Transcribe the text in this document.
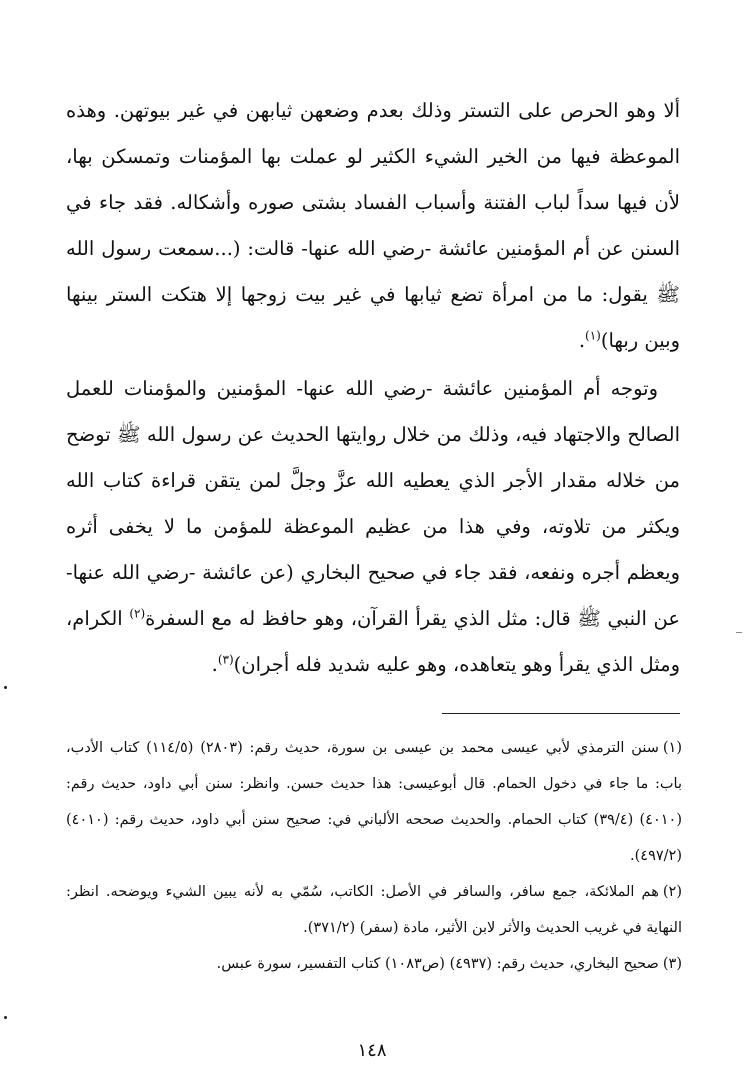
ألا وهو الحرص على التستر وذلك بعدم وضعهن ثيابهن في غير بيوتهن. وهذه الموعظة فيها من الخير الشيء الكثير لو عملت بها المؤمنات وتمسكن بها، لأن فيها سداً لباب الفتنة وأسباب الفساد بشتى صوره وأشكاله. فقد جاء في السنن عن أم المؤمنين عائشة -رضي الله عنها- قالت: (...سمعت رسول الله ﷺ يقول: ما من امرأة تضع ثيابها في غير بيت زوجها إلا هتكت الستر بينها وبين ربها)$^{(١)}$.

وتوجه أم المؤمنين عائشة -رضي الله عنها- المؤمنين والمؤمنات للعمل الصالح والاجتهاد فيه، وذلك من خلال روايتها الحديث عن رسول الله ﷺ توضح من خلاله مقدار الأجر الذي يعطيه الله عزَّ وجلَّ لمن يتقن قراءة كتاب الله ويكثر من تلاوته، وفي هذا من عظيم الموعظة للمؤمن ما لا يخفى أثره ويعظم أجره ونفعه، فقد جاء في صحيح البخاري (عن عائشة -رضي الله عنها- عن النبي ﷺ قال: مثل الذي يقرأ القرآن، وهو حافظ له مع السفرة$^{(٢)}$ الكرام، ومثل الذي يقرأ وهو يتعاهده، وهو عليه شديد فله أجران)$^{(٣)}$.

(١)سنن الترمذي لأبي عيسى محمد بن عيسى بن سورة، حديث رقم: (٢٨٠٣) (١١٤/٥) كتاب الأدب، باب: ما جاء في دخول الحمام. قال أبوعيسى: هذا حديث حسن. وانظر: سنن أبي داود، حديث رقم: (٤٠١٠) (٣٩/٤) كتاب الحمام. والحديث صححه الألباني في: صحيح سنن أبي داود، حديث رقم: (٤٠١٠) (٤٩٧/٢).

(٢)هم الملائكة، جمع سافر، والسافر في الأصل: الكاتب، سُمّي به لأنه يبين الشيء ويوضحه. انظر: النهاية في غريب الحديث والأثر لابن الأثير، مادة (سفر) (٣٧١/٢).

(٣)صحيح البخاري، حديث رقم: (٤٩٣٧) (ص١٠٨٣) كتاب التفسير، سورة عبس.

١٤٨
